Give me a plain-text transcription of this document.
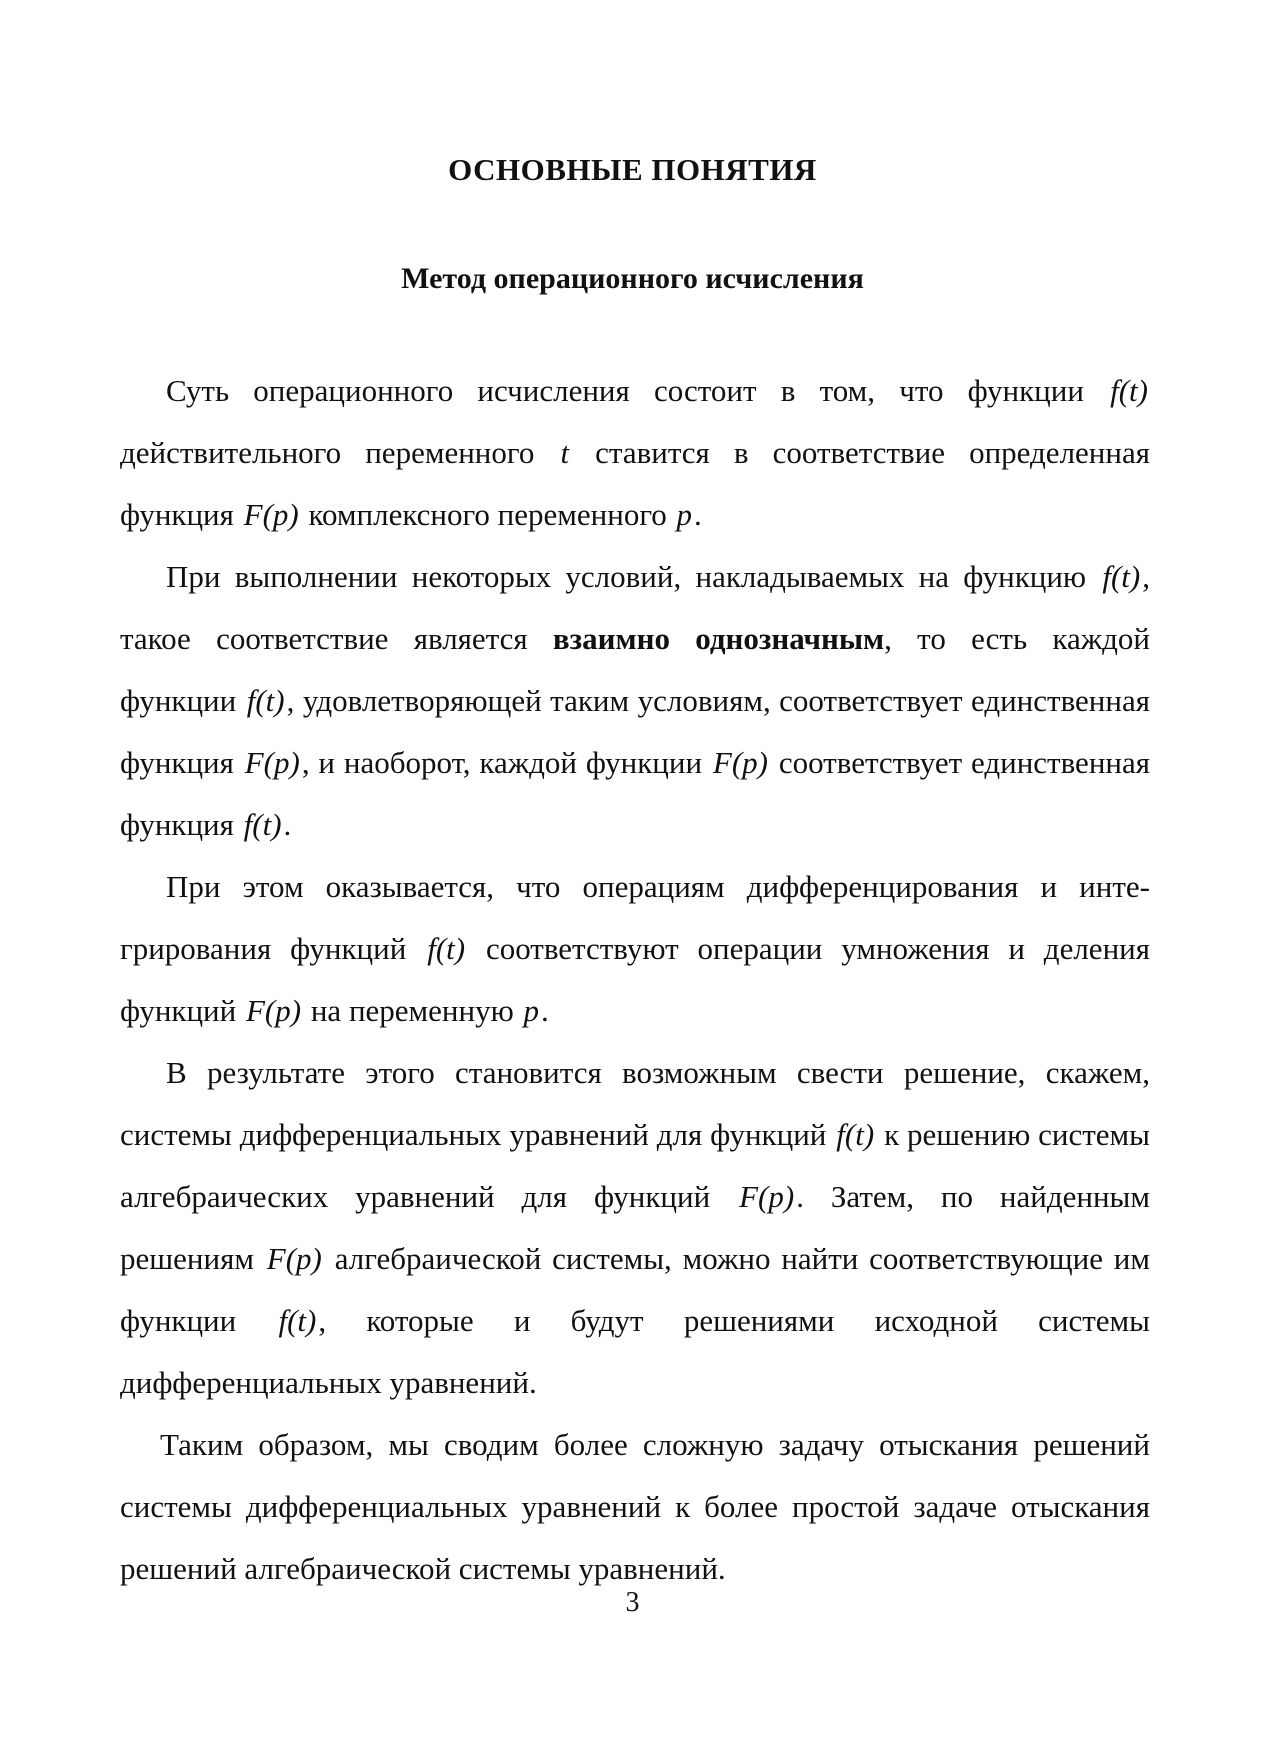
ОСНОВНЫЕ ПОНЯТИЯ
Метод операционного исчисления

Суть операционного исчисления состоит в том, что функции f(t) действительного переменного t ставится в соответствие определенная функция F(p) комплексного переменного p.

При выполнении некоторых условий, накладываемых на функцию f(t), такое соответствие является взаимно однозначным, то есть каждой функции f(t), удовлетворяющей таким условиям, соответствует единственная функция F(p), и наоборот, каждой функции F(p) соответствует единственная функция f(t).

При этом оказывается, что операциям дифференцирования и интегрирования функций f(t) соответствуют операции умножения и деления функций F(p) на переменную p.

В результате этого становится возможным свести решение, скажем, системы дифференциальных уравнений для функций f(t) к решению системы алгебраических уравнений для функций F(p). Затем, по найденным решениям F(p) алгебраической системы, можно найти соответствующие им функции f(t), которые и будут решениями исходной системы дифференциальных уравнений.

Таким образом, мы сводим более сложную задачу отыскания решений системы дифференциальных уравнений к более простой задаче отыскания решений алгебраической системы уравнений.

3
